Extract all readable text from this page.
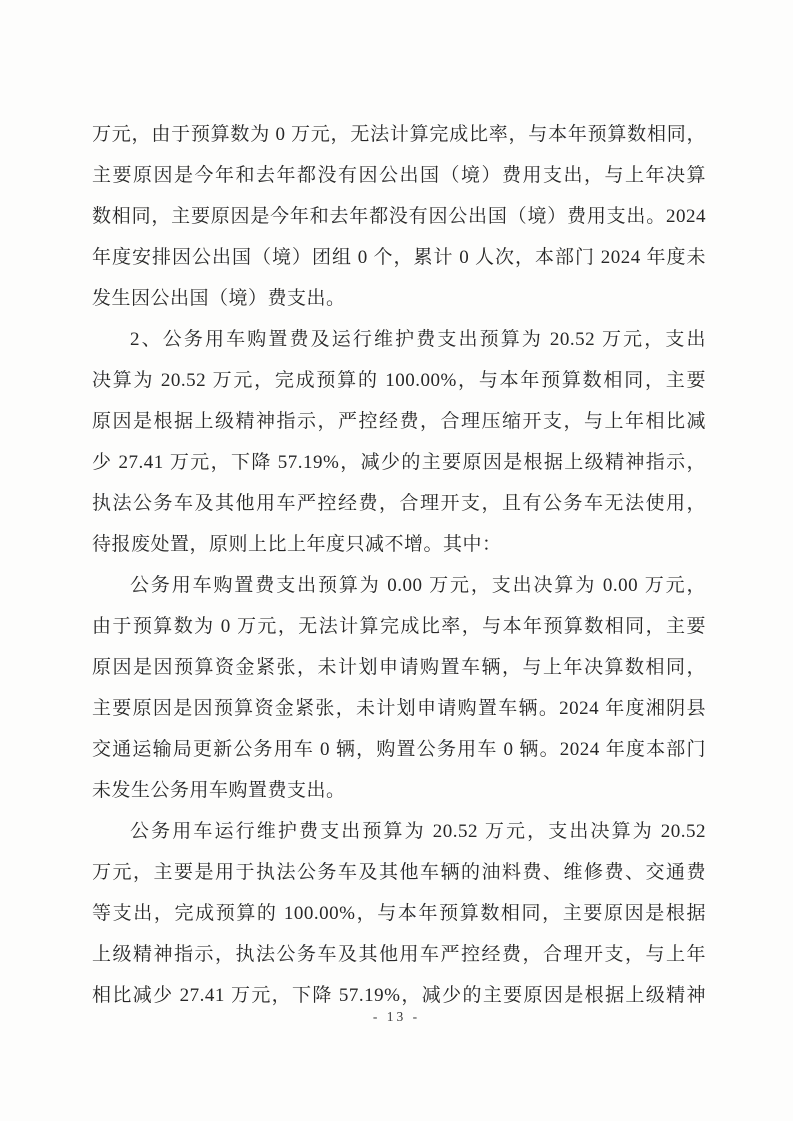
万元，由于预算数为 0 万元，无法计算完成比率，与本年预算数相同，
主要原因是今年和去年都没有因公出国（境）费用支出，与上年决算
数相同，主要原因是今年和去年都没有因公出国（境）费用支出。2024
年度安排因公出国（境）团组 0 个，累计 0 人次，本部门 2024 年度未
发生因公出国（境）费支出。
2、公务用车购置费及运行维护费支出预算为 20.52 万元，支出
决算为 20.52 万元，完成预算的 100.00%，与本年预算数相同，主要
原因是根据上级精神指示，严控经费，合理压缩开支，与上年相比减
少 27.41 万元，下降 57.19%，减少的主要原因是根据上级精神指示，
执法公务车及其他用车严控经费，合理开支，且有公务车无法使用，
待报废处置，原则上比上年度只减不增。其中：
公务用车购置费支出预算为 0.00 万元，支出决算为 0.00 万元，
由于预算数为 0 万元，无法计算完成比率，与本年预算数相同，主要
原因是因预算资金紧张，未计划申请购置车辆，与上年决算数相同，
主要原因是因预算资金紧张，未计划申请购置车辆。2024 年度湘阴县
交通运输局更新公务用车 0 辆，购置公务用车 0 辆。2024 年度本部门
未发生公务用车购置费支出。
公务用车运行维护费支出预算为 20.52 万元，支出决算为 20.52
万元，主要是用于执法公务车及其他车辆的油料费、维修费、交通费
等支出，完成预算的 100.00%，与本年预算数相同，主要原因是根据
上级精神指示，执法公务车及其他用车严控经费，合理开支，与上年
相比减少 27.41 万元，下降 57.19%，减少的主要原因是根据上级精神
- 13 -
